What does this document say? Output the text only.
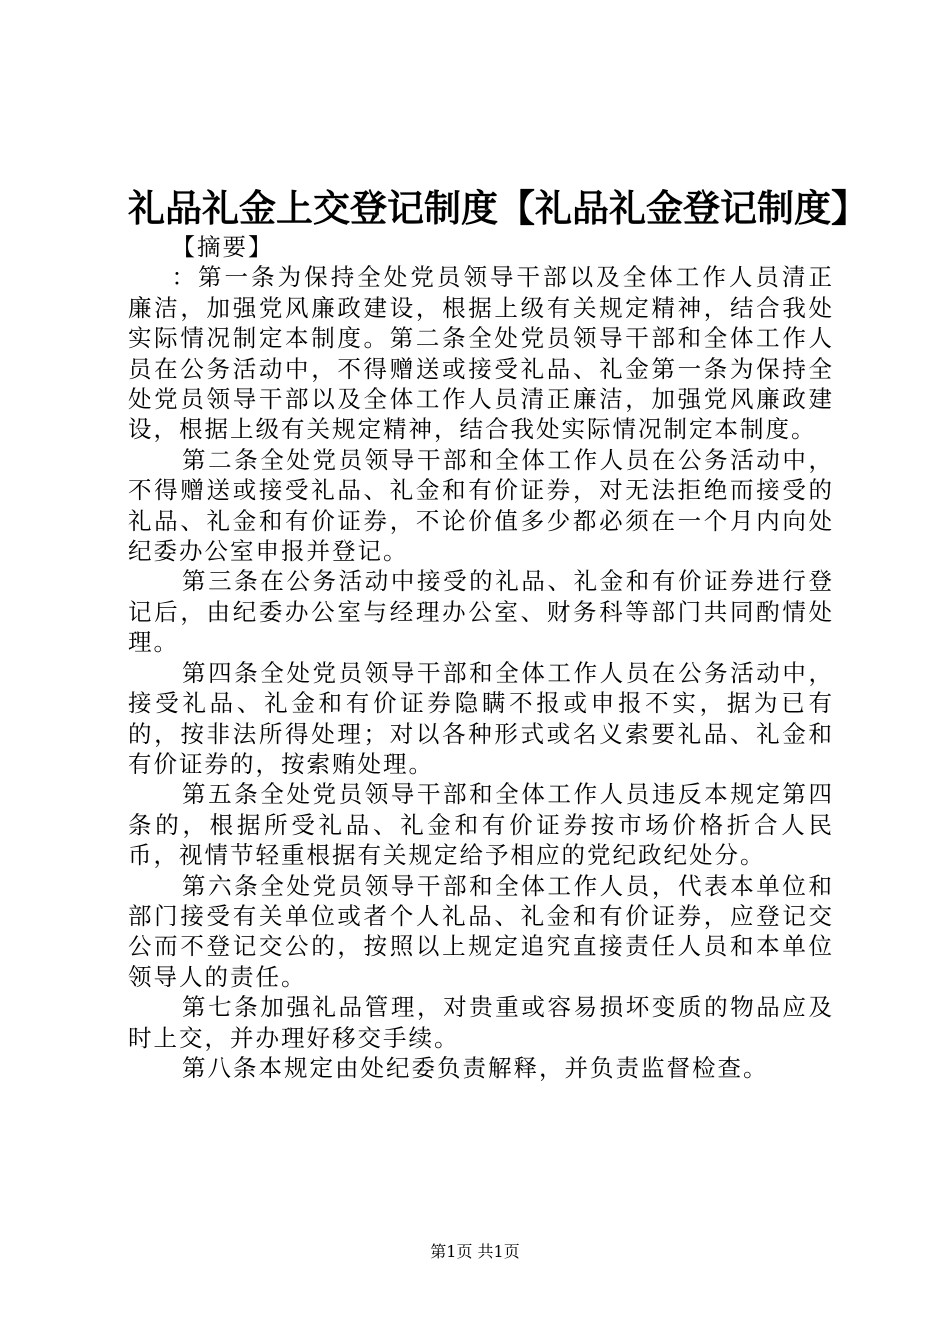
礼品礼金上交登记制度【礼品礼金登记制度】

【摘要】

：第一条为保持全处党员领导干部以及全体工作人员清正廉洁，加强党风廉政建设，根据上级有关规定精神，结合我处实际情况制定本制度。第二条全处党员领导干部和全体工作人员在公务活动中，不得赠送或接受礼品、礼金第一条为保持全处党员领导干部以及全体工作人员清正廉洁，加强党风廉政建设，根据上级有关规定精神，结合我处实际情况制定本制度。

第二条全处党员领导干部和全体工作人员在公务活动中，不得赠送或接受礼品、礼金和有价证券，对无法拒绝而接受的礼品、礼金和有价证券，不论价值多少都必须在一个月内向处纪委办公室申报并登记。

第三条在公务活动中接受的礼品、礼金和有价证券进行登记后，由纪委办公室与经理办公室、财务科等部门共同酌情处理。

第四条全处党员领导干部和全体工作人员在公务活动中，接受礼品、礼金和有价证券隐瞒不报或申报不实，据为已有的，按非法所得处理；对以各种形式或名义索要礼品、礼金和有价证券的，按索贿处理。

第五条全处党员领导干部和全体工作人员违反本规定第四条的，根据所受礼品、礼金和有价证券按市场价格折合人民币，视情节轻重根据有关规定给予相应的党纪政纪处分。

第六条全处党员领导干部和全体工作人员，代表本单位和部门接受有关单位或者个人礼品、礼金和有价证券，应登记交公而不登记交公的，按照以上规定追究直接责任人员和本单位领导人的责任。

第七条加强礼品管理，对贵重或容易损坏变质的物品应及时上交，并办理好移交手续。

第八条本规定由处纪委负责解释，并负责监督检查。

第1页 共1页
